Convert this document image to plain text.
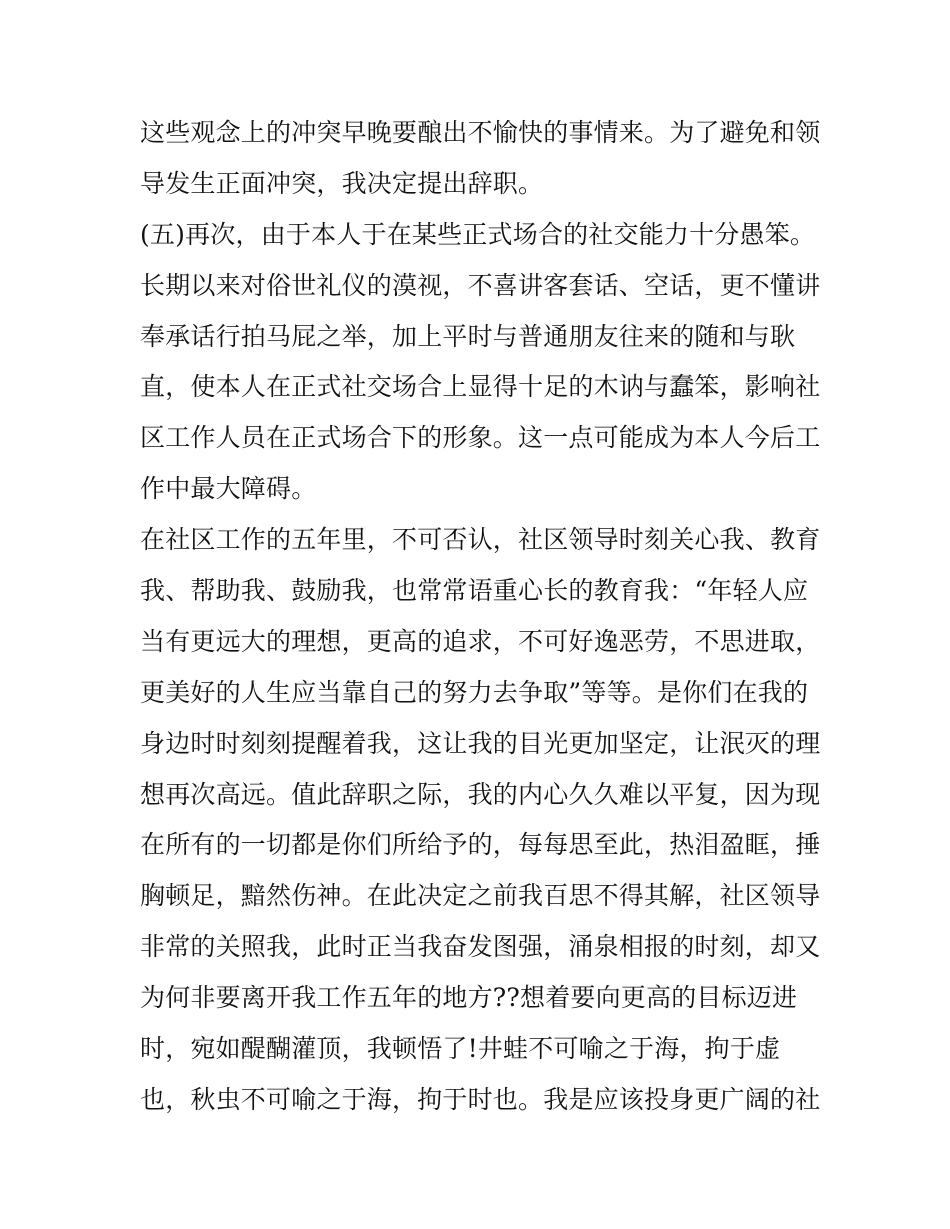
这些观念上的冲突早晚要酿出不愉快的事情来。为了避免和领
导发生正面冲突，我决定提出辞职。
(五)再次，由于本人于在某些正式场合的社交能力十分愚笨。
长期以来对俗世礼仪的漠视，不喜讲客套话、空话，更不懂讲
奉承话行拍马屁之举，加上平时与普通朋友往来的随和与耿
直，使本人在正式社交场合上显得十足的木讷与蠢笨，影响社
区工作人员在正式场合下的形象。这一点可能成为本人今后工
作中最大障碍。
在社区工作的五年里，不可否认，社区领导时刻关心我、教育
我、帮助我、鼓励我，也常常语重心长的教育我：“年轻人应
当有更远大的理想，更高的追求，不可好逸恶劳，不思进取，
更美好的人生应当靠自己的努力去争取”等等。是你们在我的
身边时时刻刻提醒着我，这让我的目光更加坚定，让泯灭的理
想再次高远。值此辞职之际，我的内心久久难以平复，因为现
在所有的一切都是你们所给予的，每每思至此，热泪盈眶，捶
胸顿足，黯然伤神。在此决定之前我百思不得其解，社区领导
非常的关照我，此时正当我奋发图强，涌泉相报的时刻，却又
为何非要离开我工作五年的地方??想着要向更高的目标迈进
时，宛如醍醐灌顶，我顿悟了!井蛙不可喻之于海，拘于虚
也，秋虫不可喻之于海，拘于时也。我是应该投身更广阔的社
